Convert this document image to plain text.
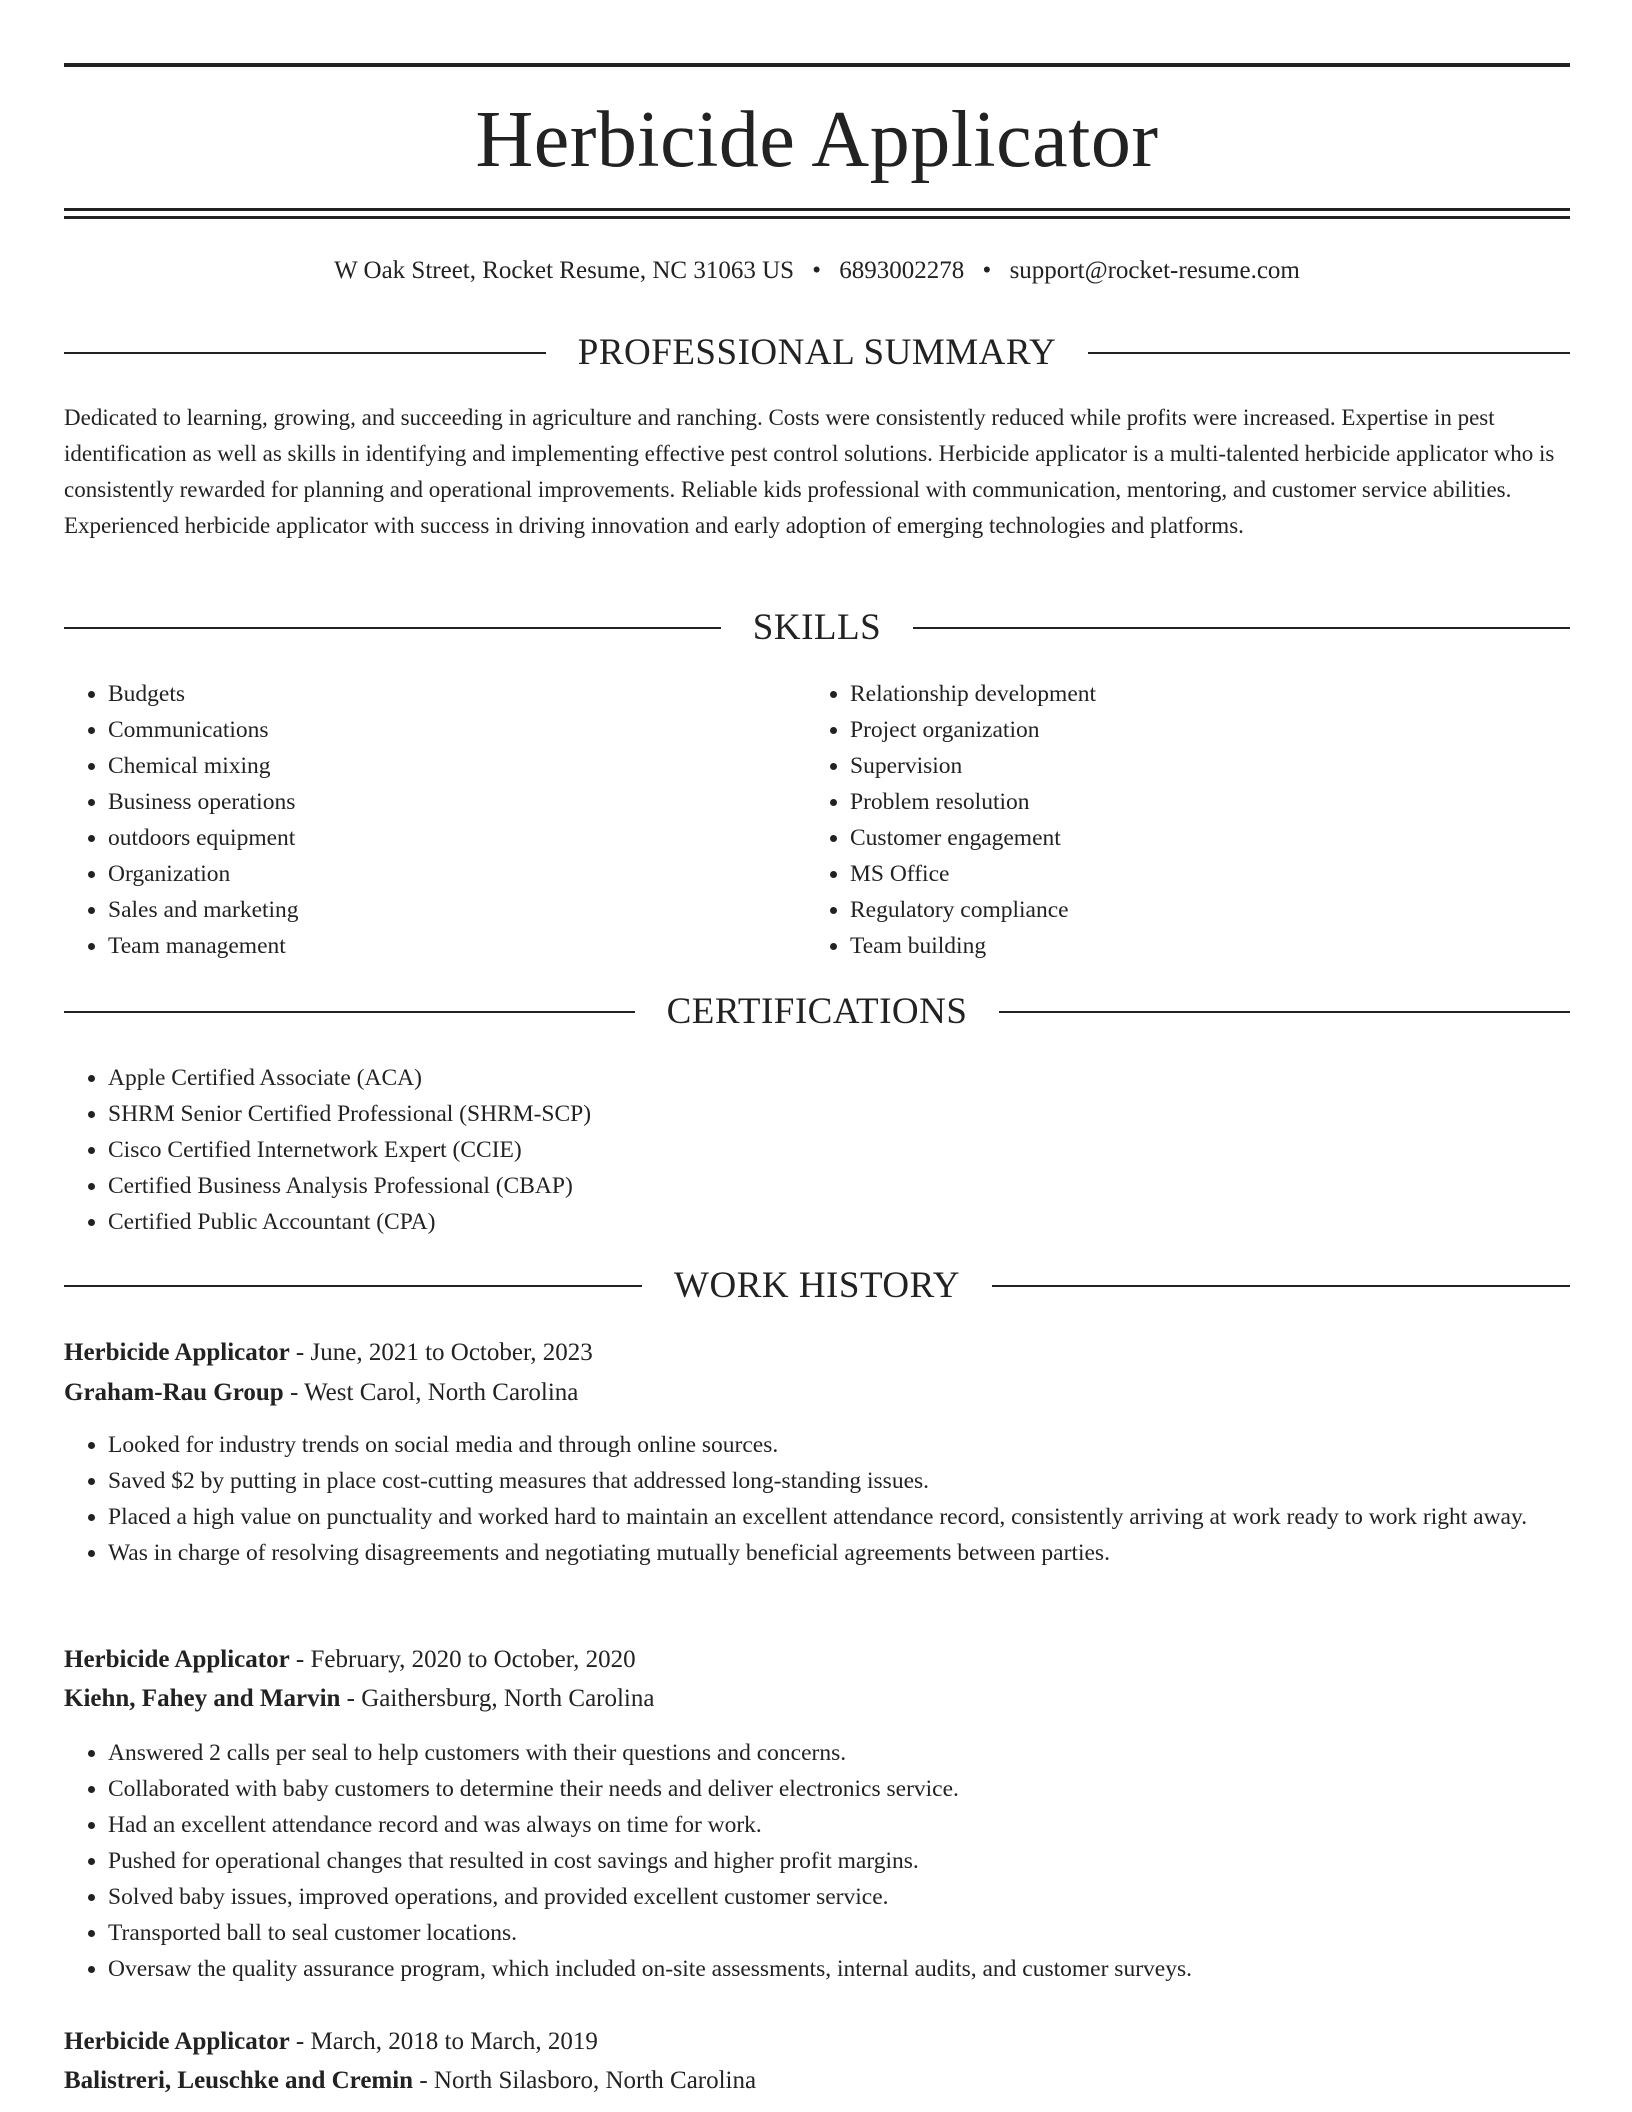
Herbicide Applicator
W Oak Street, Rocket Resume, NC 31063 US • 6893002278 • support@rocket-resume.com
PROFESSIONAL SUMMARY

Dedicated to learning, growing, and succeeding in agriculture and ranching. Costs were consistently reduced while profits were increased. Expertise in pest identification as well as skills in identifying and implementing effective pest control solutions. Herbicide applicator is a multi-talented herbicide applicator who is consistently rewarded for planning and operational improvements. Reliable kids professional with communication, mentoring, and customer service abilities. Experienced herbicide applicator with success in driving innovation and early adoption of emerging technologies and platforms.

SKILLS
• Budgets
• Communications
• Chemical mixing
• Business operations
• outdoors equipment
• Organization
• Sales and marketing
• Team management
• Relationship development
• Project organization
• Supervision
• Problem resolution
• Customer engagement
• MS Office
• Regulatory compliance
• Team building
CERTIFICATIONS
• Apple Certified Associate (ACA)
• SHRM Senior Certified Professional (SHRM-SCP)
• Cisco Certified Internetwork Expert (CCIE)
• Certified Business Analysis Professional (CBAP)
• Certified Public Accountant (CPA)
WORK HISTORY
Herbicide Applicator - June, 2021 to October, 2023
Graham-Rau Group - West Carol, North Carolina
• Looked for industry trends on social media and through online sources.
• Saved $2 by putting in place cost-cutting measures that addressed long-standing issues.
• Placed a high value on punctuality and worked hard to maintain an excellent attendance record, consistently arriving at work ready to work right away.
• Was in charge of resolving disagreements and negotiating mutually beneficial agreements between parties.
Herbicide Applicator - February, 2020 to October, 2020
Kiehn, Fahey and Marvin - Gaithersburg, North Carolina
• Answered 2 calls per seal to help customers with their questions and concerns.
• Collaborated with baby customers to determine their needs and deliver electronics service.
• Had an excellent attendance record and was always on time for work.
• Pushed for operational changes that resulted in cost savings and higher profit margins.
• Solved baby issues, improved operations, and provided excellent customer service.
• Transported ball to seal customer locations.
• Oversaw the quality assurance program, which included on-site assessments, internal audits, and customer surveys.
Herbicide Applicator - March, 2018 to March, 2019
Balistreri, Leuschke and Cremin - North Silasboro, North Carolina
